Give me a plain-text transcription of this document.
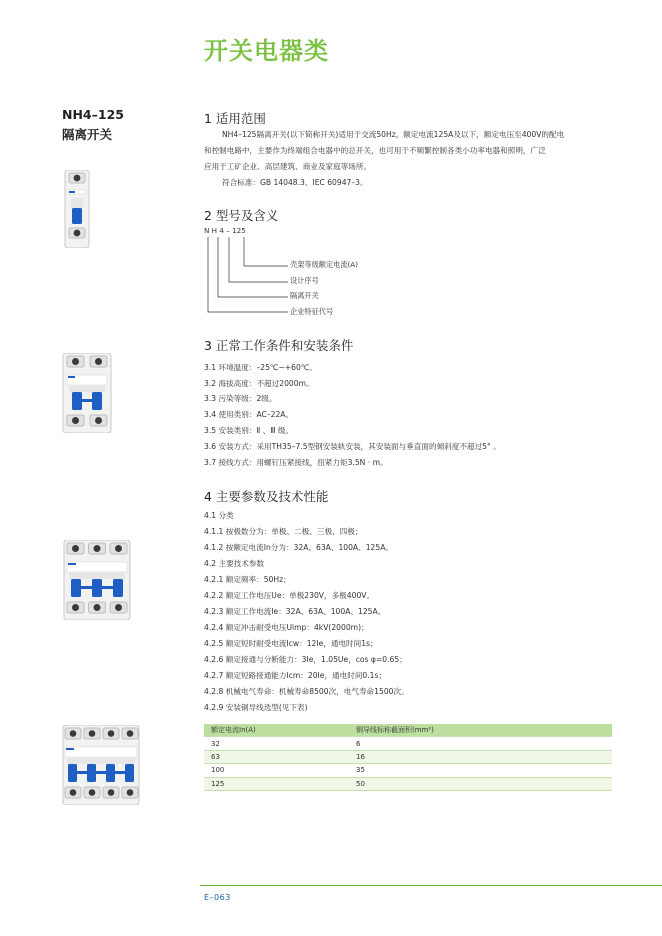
开关电器类
NH4–125
隔离开关
1 适用范围
NH4–125隔离开关(以下简称开关)适用于交流50Hz，额定电流125A及以下，额定电压至400V的配电
和控制电路中，主要作为终端组合电器中的总开关，也可用于不频繁控制各类小功率电器和照明，广泛
应用于工矿企业、高层建筑、商业及家庭等场所。
符合标准：GB 14048.3、IEC 60947–3。
2 型号及含义
N H 4 – 125
壳架等级额定电流(A)
设计序号
隔离开关
企业特征代号
3 正常工作条件和安装条件
3.1 环境温度：–25℃~+60℃。
3.2 海拔高度：不超过2000m。
3.3 污染等级：2级。
3.4 使用类别：AC–22A。
3.5 安装类别：Ⅱ 、Ⅲ 级。
3.6 安装方式：采用TH35–7.5型钢安装轨安装，其安装面与垂直面的倾斜度不超过5° 。
3.7 接线方式：用螺钉压紧接线，扭紧力矩3.5N · m。
4 主要参数及技术性能
4.1 分类
4.1.1 按极数分为：单极、二极、三极、四极；
4.1.2 按额定电流In分为：32A、63A、100A、125A。
4.2 主要技术参数
4.2.1 额定频率：50Hz；
4.2.2 额定工作电压Ue：单极230V，多极400V。
4.2.3 额定工作电流Ie：32A、63A、100A、125A。
4.2.4 额定冲击耐受电压Uimp：4kV(2000m)；
4.2.5 额定短时耐受电流Icw：12Ie，通电时间1s；
4.2.6 额定接通与分断能力：3Ie，1.05Ue，cos φ=0.65；
4.2.7 额定短路接通能力Icm：20Ie，通电时间0.1s；
4.2.8 机械电气寿命：机械寿命8500次，电气寿命1500次。
4.2.9 安装铜导线选型(见下表)
额定电流In(A)	铜导线标称截面积(mm²)
32	6
63	16
100	35
125	50
E–063
